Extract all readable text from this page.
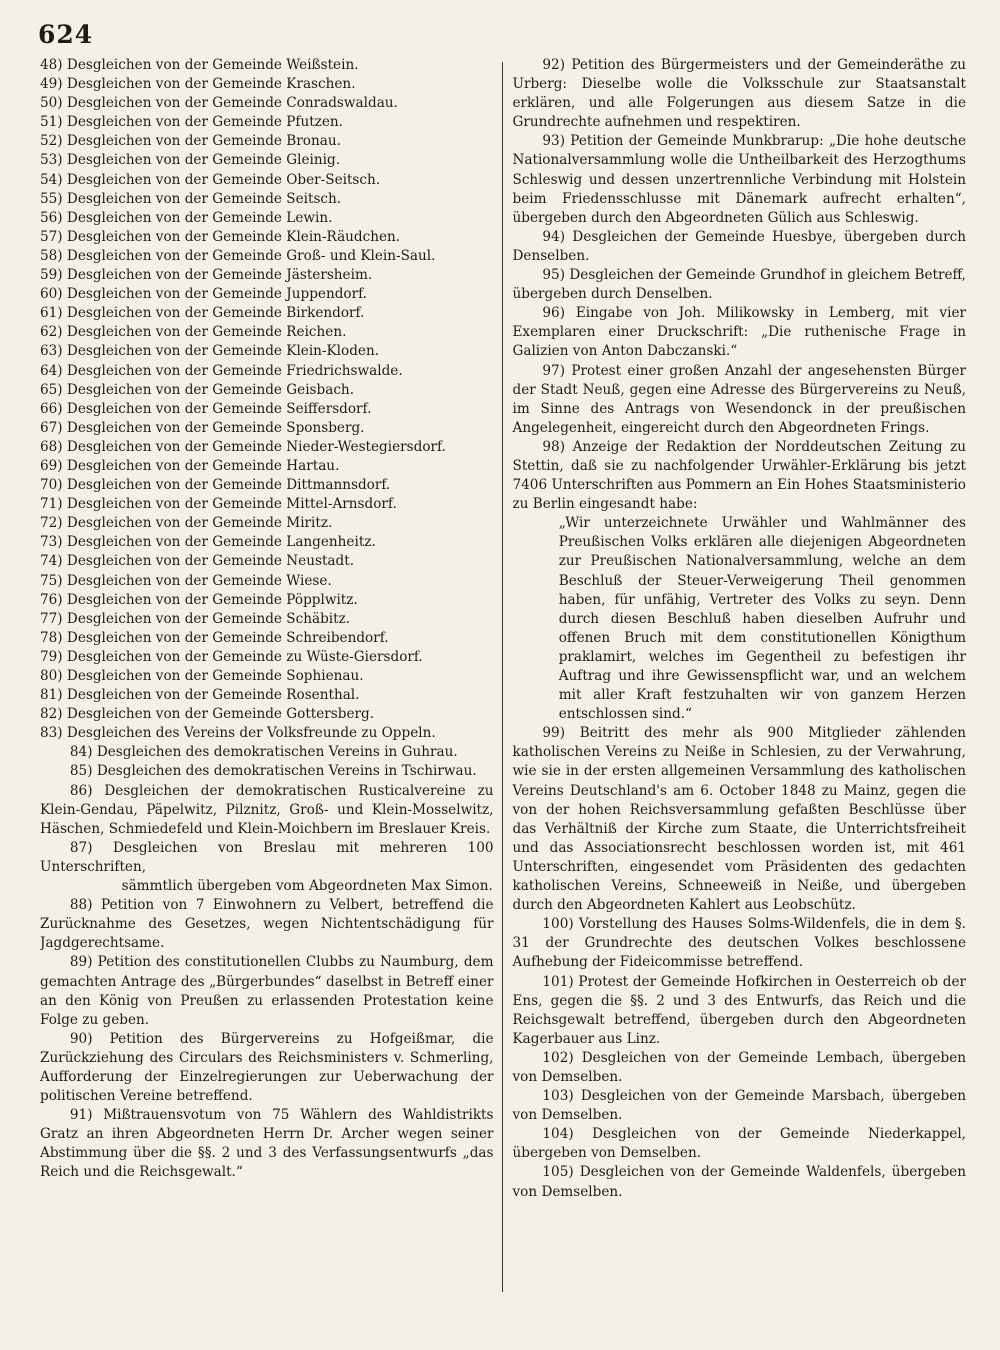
624

48) Desgleichen von der Gemeinde Weißstein.

49) Desgleichen von der Gemeinde Kraschen.

50) Desgleichen von der Gemeinde Conradswaldau.

51) Desgleichen von der Gemeinde Pfutzen.

52) Desgleichen von der Gemeinde Bronau.

53) Desgleichen von der Gemeinde Gleinig.

54) Desgleichen von der Gemeinde Ober-Seitsch.

55) Desgleichen von der Gemeinde Seitsch.

56) Desgleichen von der Gemeinde Lewin.

57) Desgleichen von der Gemeinde Klein-Räudchen.

58) Desgleichen von der Gemeinde Groß- und Klein-Saul.

59) Desgleichen von der Gemeinde Jästersheim.

60) Desgleichen von der Gemeinde Juppendorf.

61) Desgleichen von der Gemeinde Birkendorf.

62) Desgleichen von der Gemeinde Reichen.

63) Desgleichen von der Gemeinde Klein-Kloden.

64) Desgleichen von der Gemeinde Friedrichswalde.

65) Desgleichen von der Gemeinde Geisbach.

66) Desgleichen von der Gemeinde Seiffersdorf.

67) Desgleichen von der Gemeinde Sponsberg.

68) Desgleichen von der Gemeinde Nieder-Westegiersdorf.

69) Desgleichen von der Gemeinde Hartau.

70) Desgleichen von der Gemeinde Dittmannsdorf.

71) Desgleichen von der Gemeinde Mittel-Arnsdorf.

72) Desgleichen von der Gemeinde Miritz.

73) Desgleichen von der Gemeinde Langenheitz.

74) Desgleichen von der Gemeinde Neustadt.

75) Desgleichen von der Gemeinde Wiese.

76) Desgleichen von der Gemeinde Pöpplwitz.

77) Desgleichen von der Gemeinde Schäbitz.

78) Desgleichen von der Gemeinde Schreibendorf.

79) Desgleichen von der Gemeinde zu Wüste-Giersdorf.

80) Desgleichen von der Gemeinde Sophienau.

81) Desgleichen von der Gemeinde Rosenthal.

82) Desgleichen von der Gemeinde Gottersberg.

83) Desgleichen des Vereins der Volksfreunde zu Oppeln.

84) Desgleichen des demokratischen Vereins in Guhrau.

85) Desgleichen des demokratischen Vereins in Tschirwau.

86) Desgleichen der demokratischen Rusticalvereine zu Klein-Gendau, Päpelwitz, Pilznitz, Groß- und Klein-Mosselwitz, Häschen, Schmiedefeld und Klein-Moichbern im Breslauer Kreis.

87) Desgleichen von Breslau mit mehreren 100 Unterschriften,

sämmtlich übergeben vom Abgeordneten Max Simon.

88) Petition von 7 Einwohnern zu Velbert, betreffend die Zurücknahme des Gesetzes, wegen Nichtentschädigung für Jagdgerechtsame.

89) Petition des constitutionellen Clubbs zu Naumburg, dem gemachten Antrage des „Bürgerbundes“ daselbst in Betreff einer an den König von Preußen zu erlassenden Protestation keine Folge zu geben.

90) Petition des Bürgervereins zu Hofgeißmar, die Zurückziehung des Circulars des Reichsministers v. Schmerling, Aufforderung der Einzelregierungen zur Ueberwachung der politischen Vereine betreffend.

91) Mißtrauensvotum von 75 Wählern des Wahldistrikts Gratz an ihren Abgeordneten Herrn Dr. Archer wegen seiner Abstimmung über die §§. 2 und 3 des Verfassungsentwurfs „das Reich und die Reichsgewalt.“

92) Petition des Bürgermeisters und der Gemeinderäthe zu Urberg: Dieselbe wolle die Volksschule zur Staatsanstalt erklären, und alle Folgerungen aus diesem Satze in die Grundrechte aufnehmen und respektiren.

93) Petition der Gemeinde Munkbrarup: „Die hohe deutsche Nationalversammlung wolle die Untheilbarkeit des Herzogthums Schleswig und dessen unzertrennliche Verbindung mit Holstein beim Friedensschlusse mit Dänemark aufrecht erhalten“, übergeben durch den Abgeordneten Gülich aus Schleswig.

94) Desgleichen der Gemeinde Huesbye, übergeben durch Denselben.

95) Desgleichen der Gemeinde Grundhof in gleichem Betreff, übergeben durch Denselben.

96) Eingabe von Joh. Milikowsky in Lemberg, mit vier Exemplaren einer Druckschrift: „Die ruthenische Frage in Galizien von Anton Dabczanski.“

97) Protest einer großen Anzahl der angesehensten Bürger der Stadt Neuß, gegen eine Adresse des Bürgervereins zu Neuß, im Sinne des Antrags von Wesendonck in der preußischen Angelegenheit, eingereicht durch den Abgeordneten Frings.

98) Anzeige der Redaktion der Norddeutschen Zeitung zu Stettin, daß sie zu nachfolgender Urwähler-Erklärung bis jetzt 7406 Unterschriften aus Pommern an Ein Hohes Staatsministerio zu Berlin eingesandt habe:

„Wir unterzeichnete Urwähler und Wahlmänner des Preußischen Volks erklären alle diejenigen Abgeordneten zur Preußischen Nationalversammlung, welche an dem Beschluß der Steuer-Verweigerung Theil genommen haben, für unfähig, Vertreter des Volks zu seyn. Denn durch diesen Beschluß haben dieselben Aufruhr und offenen Bruch mit dem constitutionellen Königthum praklamirt, welches im Gegentheil zu befestigen ihr Auftrag und ihre Gewissenspflicht war, und an welchem mit aller Kraft festzuhalten wir von ganzem Herzen entschlossen sind.“

99) Beitritt des mehr als 900 Mitglieder zählenden katholischen Vereins zu Neiße in Schlesien, zu der Verwahrung, wie sie in der ersten allgemeinen Versammlung des katholischen Vereins Deutschland's am 6. October 1848 zu Mainz, gegen die von der hohen Reichsversammlung gefaßten Beschlüsse über das Verhältniß der Kirche zum Staate, die Unterrichtsfreiheit und das Associationsrecht beschlossen worden ist, mit 461 Unterschriften, eingesendet vom Präsidenten des gedachten katholischen Vereins, Schneeweiß in Neiße, und übergeben durch den Abgeordneten Kahlert aus Leobschütz.

100) Vorstellung des Hauses Solms-Wildenfels, die in dem §. 31 der Grundrechte des deutschen Volkes beschlossene Aufhebung der Fideicommisse betreffend.

101) Protest der Gemeinde Hofkirchen in Oesterreich ob der Ens, gegen die §§. 2 und 3 des Entwurfs, das Reich und die Reichsgewalt betreffend, übergeben durch den Abgeordneten Kagerbauer aus Linz.

102) Desgleichen von der Gemeinde Lembach, übergeben von Demselben.

103) Desgleichen von der Gemeinde Marsbach, übergeben von Demselben.

104) Desgleichen von der Gemeinde Niederkappel, übergeben von Demselben.

105) Desgleichen von der Gemeinde Waldenfels, übergeben von Demselben.
